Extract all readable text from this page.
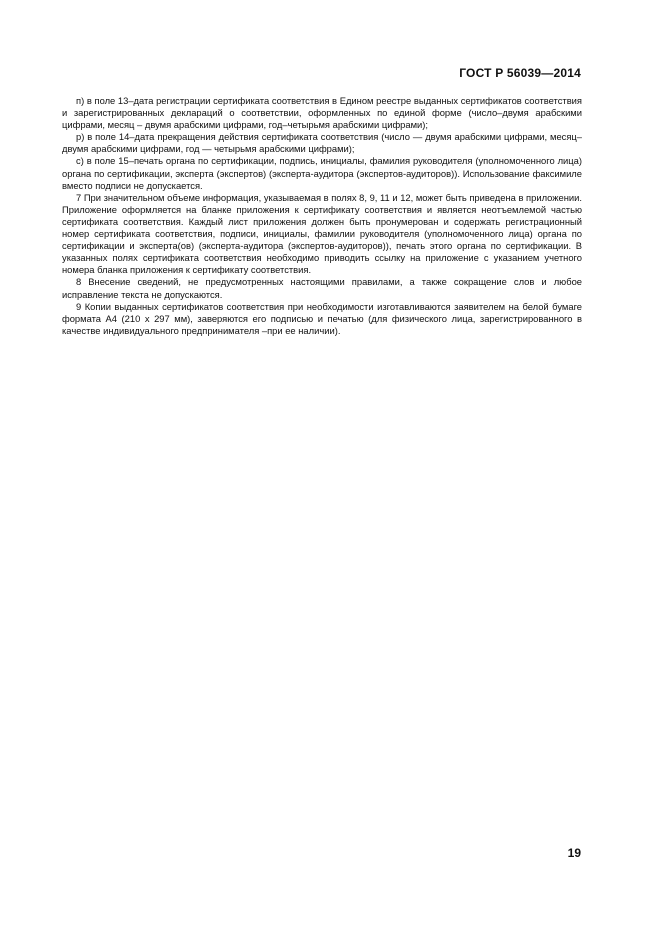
ГОСТ Р 56039—2014

п) в поле 13–дата регистрации сертификата соответствия в Едином реестре выданных сертификатов соответствия и зарегистрированных деклараций о соответствии, оформленных по единой форме (число–двумя арабскими цифрами, месяц – двумя арабскими цифрами, год–четырьмя арабскими цифрами);

р) в поле 14–дата прекращения действия сертификата соответствия (число — двумя арабскими цифрами, месяц–двумя арабскими цифрами, год — четырьмя арабскими цифрами);

с) в поле 15–печать органа по сертификации, подпись, инициалы, фамилия руководителя (уполномоченного лица) органа по сертификации, эксперта (экспертов) (эксперта-аудитора (экспертов-аудиторов)). Использование факсимиле вместо подписи не допускается.

7 При значительном объеме информация, указываемая в полях 8, 9, 11 и 12, может быть приведена в приложении. Приложение оформляется на бланке приложения к сертификату соответствия и является неотъемлемой частью сертификата соответствия. Каждый лист приложения должен быть пронумерован и содержать регистрационный номер сертификата соответствия, подписи, инициалы, фамилии руководителя (уполномоченного лица) органа по сертификации и эксперта(ов) (эксперта-аудитора (экспертов-аудиторов)), печать этого органа по сертификации. В указанных полях сертификата соответствия необходимо приводить ссылку на приложение с указанием учетного номера бланка приложения к сертификату соответствия.

8 Внесение сведений, не предусмотренных настоящими правилами, а также сокращение слов и любое исправление текста не допускаются.

9 Копии выданных сертификатов соответствия при необходимости изготавливаются заявителем на белой бумаге формата А4 (210 х 297 мм), заверяются его подписью и печатью (для физического лица, зарегистрированного в качестве индивидуального предпринимателя –при ее наличии).

19
